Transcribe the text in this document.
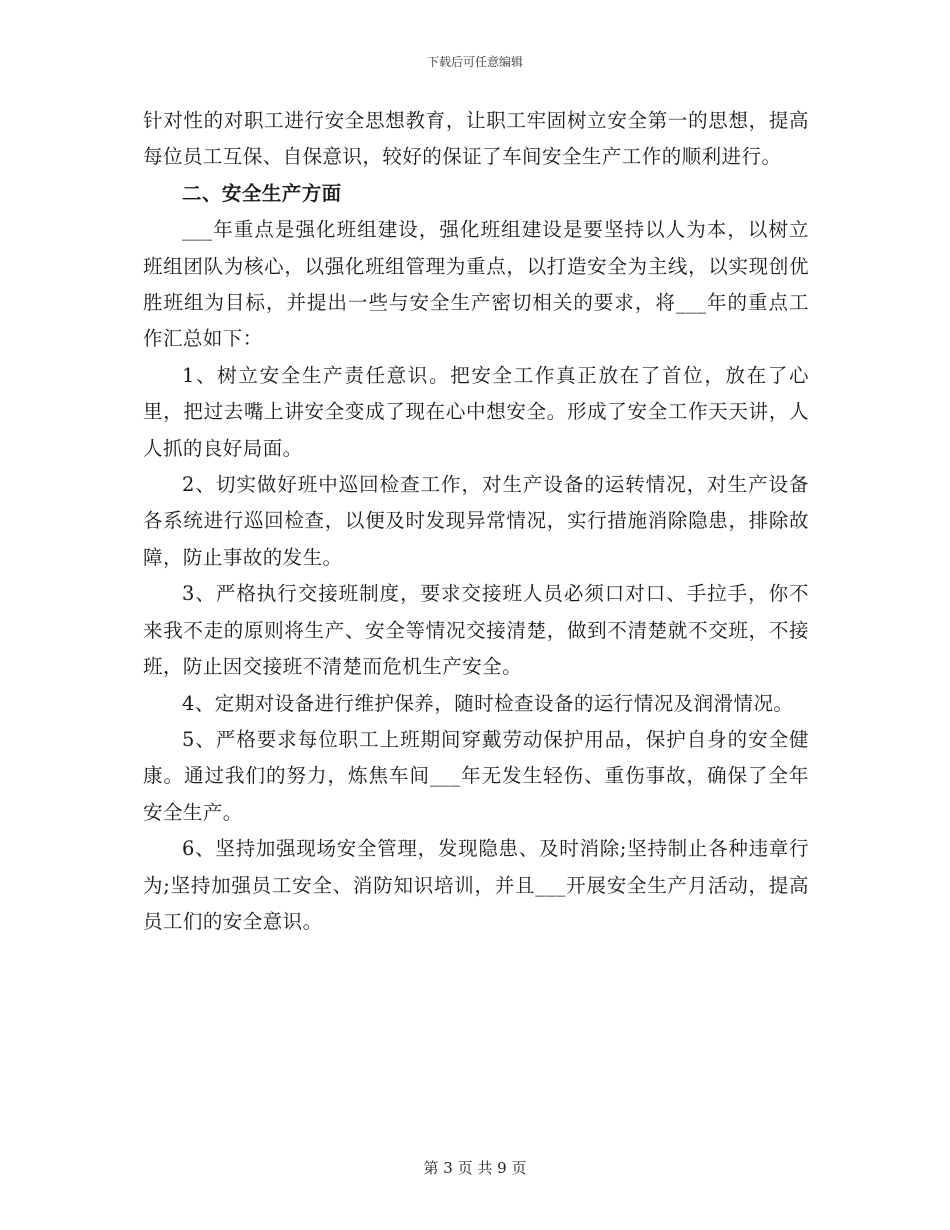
下载后可任意编辑

针对性的对职工进行安全思想教育，让职工牢固树立安全第一的思想，提高每位员工互保、自保意识，较好的保证了车间安全生产工作的顺利进行。

二、安全生产方面

___年重点是强化班组建设，强化班组建设是要坚持以人为本，以树立班组团队为核心，以强化班组管理为重点，以打造安全为主线，以实现创优胜班组为目标，并提出一些与安全生产密切相关的要求，将___年的重点工作汇总如下：

1、树立安全生产责任意识。把安全工作真正放在了首位，放在了心里，把过去嘴上讲安全变成了现在心中想安全。形成了安全工作天天讲，人人抓的良好局面。

2、切实做好班中巡回检查工作，对生产设备的运转情况，对生产设备各系统进行巡回检查，以便及时发现异常情况，实行措施消除隐患，排除故障，防止事故的发生。

3、严格执行交接班制度，要求交接班人员必须口对口、手拉手，你不来我不走的原则将生产、安全等情况交接清楚，做到不清楚就不交班，不接班，防止因交接班不清楚而危机生产安全。

4、定期对设备进行维护保养，随时检查设备的运行情况及润滑情况。

5、严格要求每位职工上班期间穿戴劳动保护用品，保护自身的安全健康。通过我们的努力，炼焦车间___年无发生轻伤、重伤事故，确保了全年安全生产。

6、坚持加强现场安全管理，发现隐患、及时消除;坚持制止各种违章行为;坚持加强员工安全、消防知识培训，并且___开展安全生产月活动，提高员工们的安全意识。

第 3 页 共 9 页
